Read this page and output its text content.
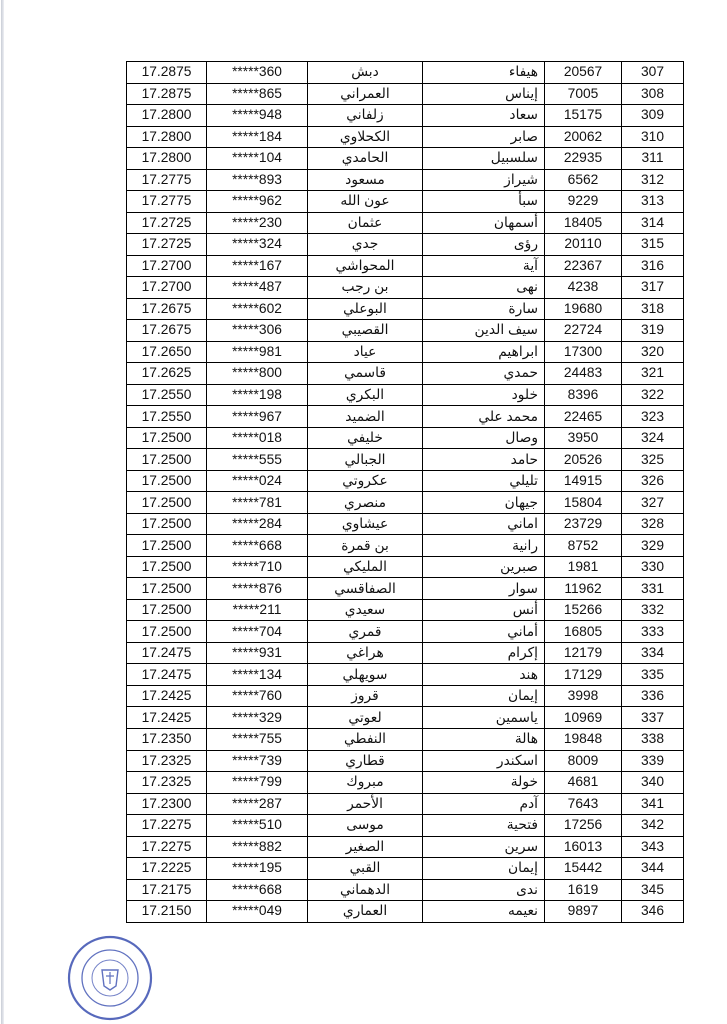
17.2875	*****360	دبش	هيفاء	20567	307
17.2875	*****865	العمراني	إيناس	7005	308
17.2800	*****948	زلفاني	سعاد	15175	309
17.2800	*****184	الكحلاوي	صابر	20062	310
17.2800	*****104	الحامدي	سلسبيل	22935	311
17.2775	*****893	مسعود	شيراز	6562	312
17.2775	*****962	عون الله	سبأ	9229	313
17.2725	*****230	عثمان	أسمهان	18405	314
17.2725	*****324	جدي	رؤى	20110	315
17.2700	*****167	المحواشي	آية	22367	316
17.2700	*****487	بن رجب	نهى	4238	317
17.2675	*****602	البوعلي	سارة	19680	318
17.2675	*****306	القصيبي	سيف الدين	22724	319
17.2650	*****981	عياد	ابراهيم	17300	320
17.2625	*****800	قاسمي	حمدي	24483	321
17.2550	*****198	البكري	خلود	8396	322
17.2550	*****967	الضميد	محمد علي	22465	323
17.2500	*****018	خليفي	وصال	3950	324
17.2500	*****555	الجبالي	حامد	20526	325
17.2500	*****024	عكروتي	تليلي	14915	326
17.2500	*****781	منصري	جيهان	15804	327
17.2500	*****284	عيشاوي	اماني	23729	328
17.2500	*****668	بن قمرة	رانية	8752	329
17.2500	*****710	المليكي	صبرين	1981	330
17.2500	*****876	الصفاقسي	سوار	11962	331
17.2500	*****211	سعيدي	أنس	15266	332
17.2500	*****704	قمري	أماني	16805	333
17.2475	*****931	هراغي	إكرام	12179	334
17.2475	*****134	سويهلي	هند	17129	335
17.2425	*****760	قروز	إيمان	3998	336
17.2425	*****329	لعوتي	ياسمين	10969	337
17.2350	*****755	النفطي	هالة	19848	338
17.2325	*****739	قطاري	اسكندر	8009	339
17.2325	*****799	مبروك	خولة	4681	340
17.2300	*****287	الأحمر	آدم	7643	341
17.2275	*****510	موسى	فتحية	17256	342
17.2275	*****882	الصغير	سرين	16013	343
17.2225	*****195	القبي	إيمان	15442	344
17.2175	*****668	الدهماني	ندى	1619	345
17.2150	*****049	العماري	نعيمه	9897	346
